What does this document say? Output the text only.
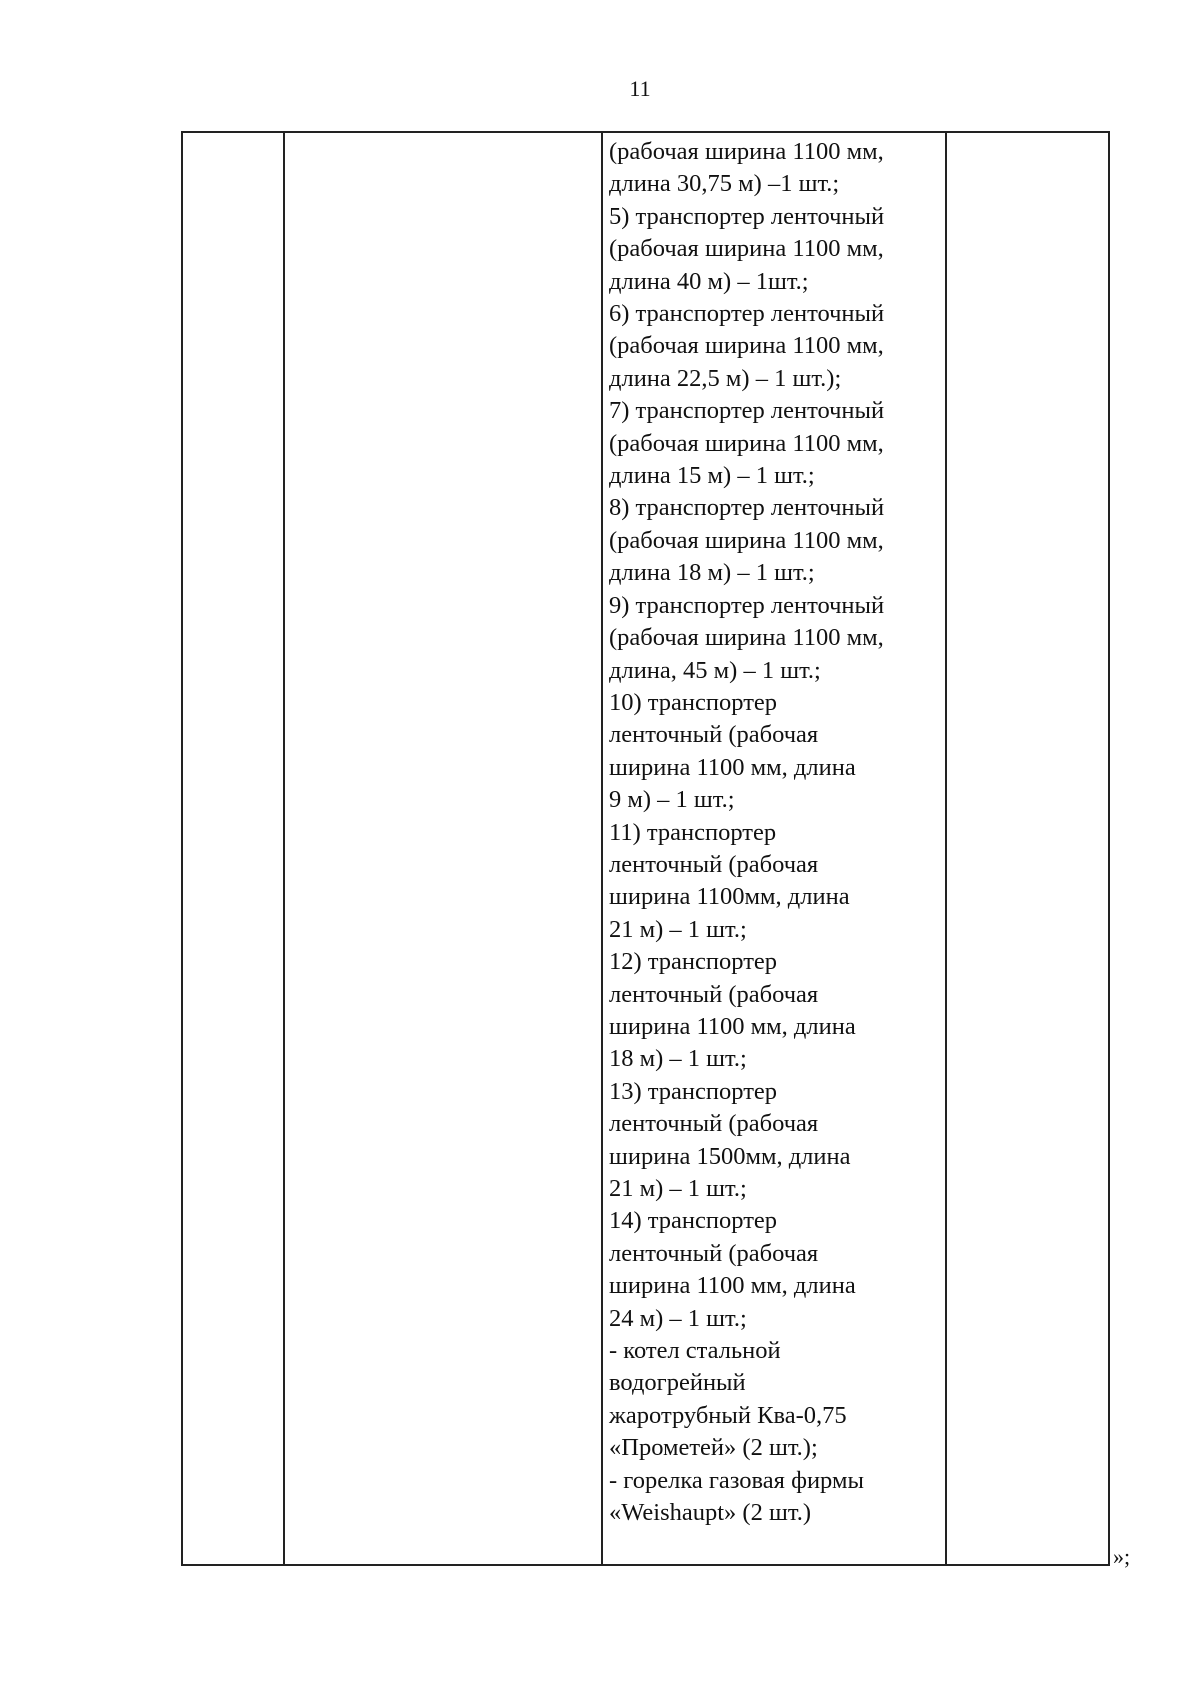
11

(рабочая ширина 1100 мм,
длина 30,75 м) –1 шт.;
5) транспортер ленточный
(рабочая ширина 1100 мм,
длина 40 м) – 1шт.;
6) транспортер ленточный
(рабочая ширина 1100 мм,
длина 22,5 м) – 1 шт.);
7) транспортер ленточный
(рабочая ширина 1100 мм,
длина 15 м) – 1 шт.;
8) транспортер ленточный
(рабочая ширина 1100 мм,
длина 18 м) – 1 шт.;
9) транспортер ленточный
(рабочая ширина 1100 мм,
длина, 45 м) – 1 шт.;
10) транспортер
ленточный (рабочая
ширина 1100 мм, длина
9 м) – 1 шт.;
11) транспортер
ленточный (рабочая
ширина 1100мм, длина
21 м) – 1 шт.;
12) транспортер
ленточный (рабочая
ширина 1100 мм, длина
18 м) – 1 шт.;
13) транспортер
ленточный (рабочая
ширина 1500мм, длина
21 м) – 1 шт.;
14) транспортер
ленточный (рабочая
ширина 1100 мм, длина
24 м) – 1 шт.;
- котел стальной
водогрейный
жаротрубный Ква-0,75
«Прометей» (2 шт.);
- горелка газовая фирмы
«Weishaupt» (2 шт.)

»;
